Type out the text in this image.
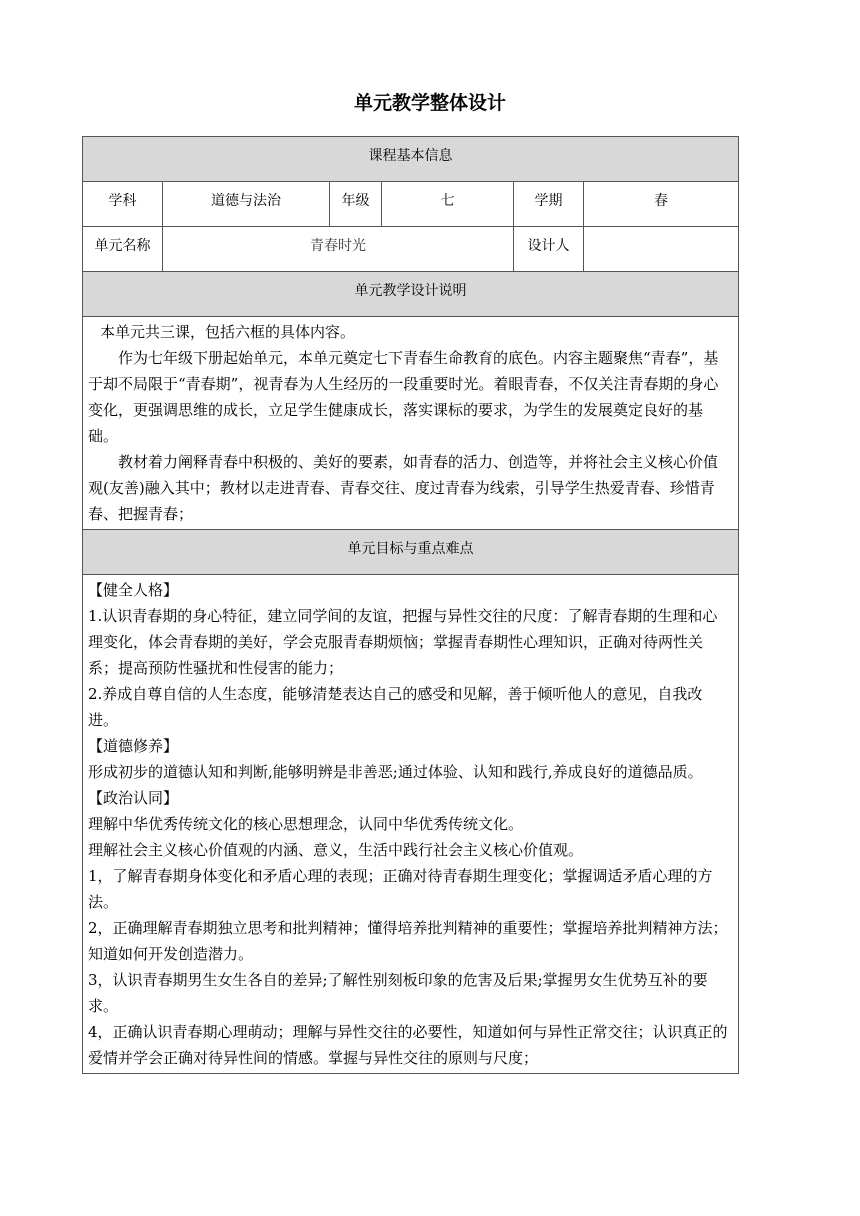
单元教学整体设计
课程基本信息
学科	道德与法治	年级	七	学期	春
单元名称	青春时光	设计人
单元教学设计说明

本单元共三课，包括六框的具体内容。

作为七年级下册起始单元，本单元奠定七下青春生命教育的底色。内容主题聚焦“青春”，基于却不局限于“青春期”，视青春为人生经历的一段重要时光。着眼青春，不仅关注青春期的身心变化，更强调思维的成长，立足学生健康成长，落实课标的要求，为学生的发展奠定良好的基础。

教材着力阐释青春中积极的、美好的要素，如青春的活力、创造等，并将社会主义核心价值观(友善)融入其中；教材以走进青春、青春交往、度过青春为线索，引导学生热爱青春、珍惜青春、把握青春；

单元目标与重点难点

【健全人格】

1.认识青春期的身心特征，建立同学间的友谊，把握与异性交往的尺度：了解青春期的生理和心理变化，体会青春期的美好，学会克服青春期烦恼；掌握青春期性心理知识，正确对待两性关系；提高预防性骚扰和性侵害的能力；

2.养成自尊自信的人生态度，能够清楚表达自己的感受和见解，善于倾听他人的意见，自我改进。

【道德修养】

形成初步的道德认知和判断,能够明辨是非善恶;通过体验、认知和践行,养成良好的道德品质。

【政治认同】

理解中华优秀传统文化的核心思想理念，认同中华优秀传统文化。

理解社会主义核心价值观的内涵、意义，生活中践行社会主义核心价值观。

1，了解青春期身体变化和矛盾心理的表现；正确对待青春期生理变化；掌握调适矛盾心理的方法。

2，正确理解青春期独立思考和批判精神；懂得培养批判精神的重要性；掌握培养批判精神方法；知道如何开发创造潜力。

3，认识青春期男生女生各自的差异;了解性别刻板印象的危害及后果;掌握男女生优势互补的要求。

4，正确认识青春期心理萌动；理解与异性交往的必要性，知道如何与异性正常交往；认识真正的爱情并学会正确对待异性间的情感。掌握与异性交往的原则与尺度；
